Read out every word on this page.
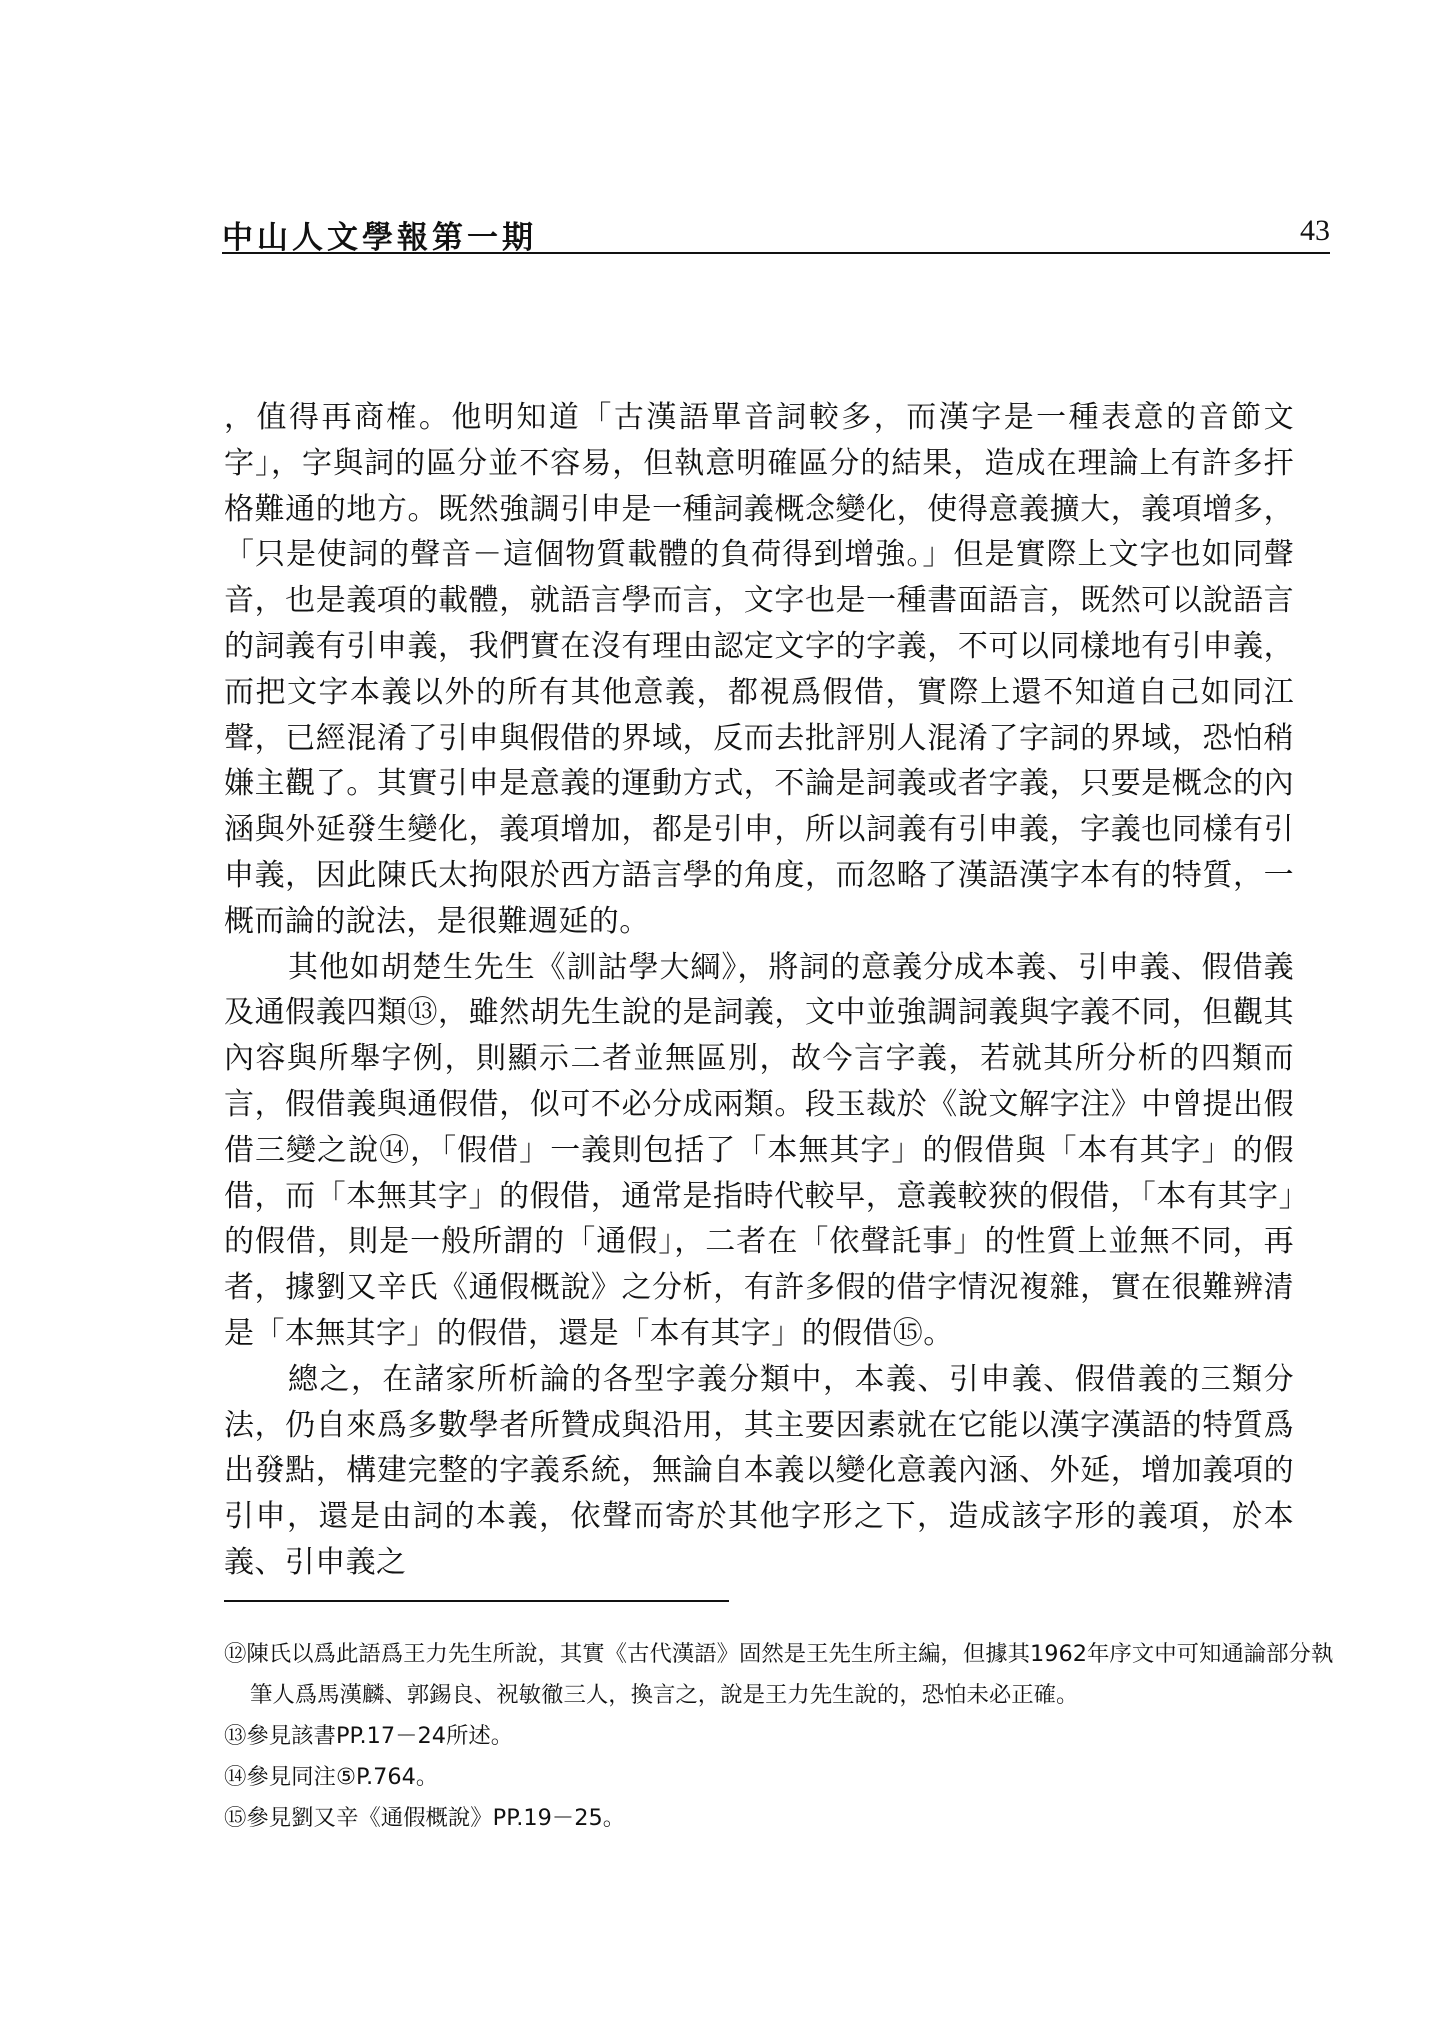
中山人文學報第一期	43

，值得再商榷。他明知道「古漢語單音詞較多，而漢字是一種表意的音節文字」，字與詞的區分並不容易，但執意明確區分的結果，造成在理論上有許多扞格難通的地方。既然強調引申是一種詞義概念變化，使得意義擴大，義項增多，「只是使詞的聲音－這個物質載體的負荷得到增強。」但是實際上文字也如同聲音，也是義項的載體，就語言學而言，文字也是一種書面語言，既然可以說語言的詞義有引申義，我們實在沒有理由認定文字的字義，不可以同樣地有引申義，而把文字本義以外的所有其他意義，都視爲假借，實際上還不知道自己如同江聲，已經混淆了引申與假借的界域，反而去批評別人混淆了字詞的界域，恐怕稍嫌主觀了。其實引申是意義的運動方式，不論是詞義或者字義，只要是概念的內涵與外延發生變化，義項增加，都是引申，所以詞義有引申義，字義也同樣有引申義，因此陳氏太拘限於西方語言學的角度，而忽略了漢語漢字本有的特質，一概而論的說法，是很難週延的。

其他如胡楚生先生《訓詁學大綱》，將詞的意義分成本義、引申義、假借義及通假義四類⑬，雖然胡先生說的是詞義，文中並強調詞義與字義不同，但觀其內容與所舉字例，則顯示二者並無區別，故今言字義，若就其所分析的四類而言，假借義與通假借，似可不必分成兩類。段玉裁於《說文解字注》中曾提出假借三變之說⑭，「假借」一義則包括了「本無其字」的假借與「本有其字」的假借，而「本無其字」的假借，通常是指時代較早，意義較狹的假借，「本有其字」的假借，則是一般所謂的「通假」，二者在「依聲託事」的性質上並無不同，再者，據劉又辛氏《通假概說》之分析，有許多假的借字情況複雜，實在很難辨清是「本無其字」的假借，還是「本有其字」的假借⑮。

總之，在諸家所析論的各型字義分類中，本義、引申義、假借義的三類分法，仍自來爲多數學者所贊成與沿用，其主要因素就在它能以漢字漢語的特質爲出發點，構建完整的字義系統，無論自本義以變化意義內涵、外延，增加義項的引申，還是由詞的本義，依聲而寄於其他字形之下，造成該字形的義項，於本義、引申義之

⑫陳氏以爲此語爲王力先生所說，其實《古代漢語》固然是王先生所主編，但據其1962年序文中可知通論部分執筆人爲馬漢麟、郭錫良、祝敏徹三人，換言之，說是王力先生說的，恐怕未必正確。

⑬參見該書PP.17－24所述。

⑭參見同注⑤P.764。

⑮參見劉又辛《通假概說》PP.19－25。
